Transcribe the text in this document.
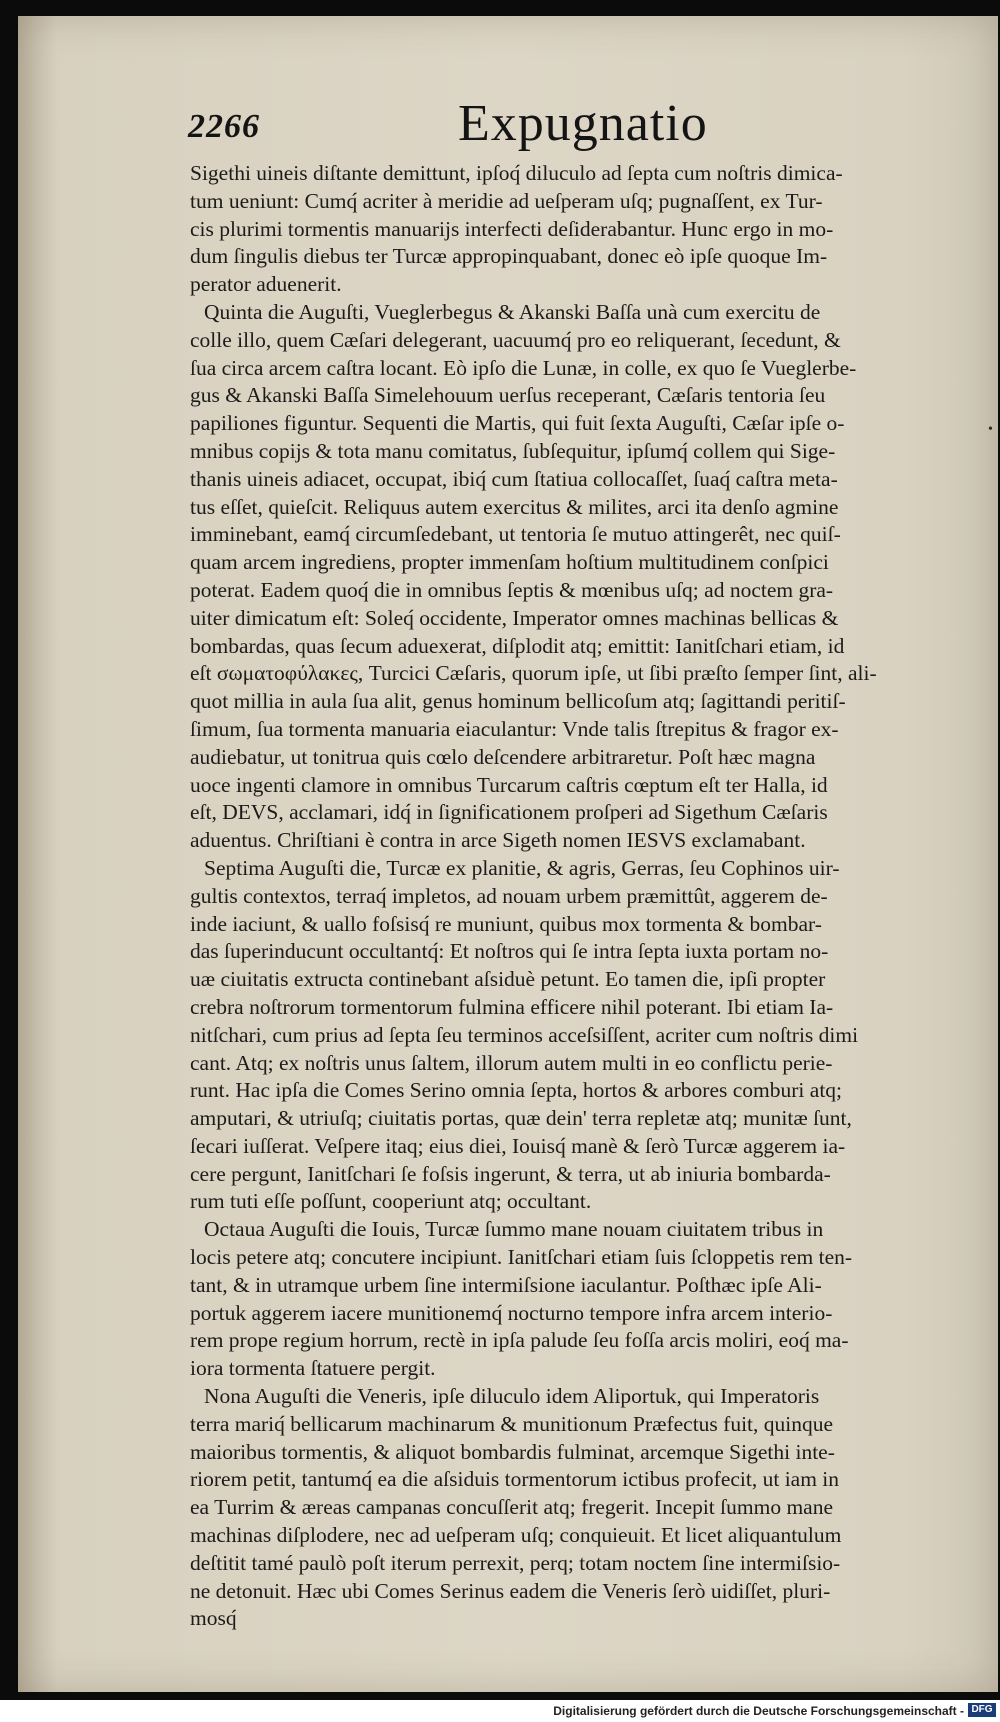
2266	Expugnatio
Sigethi uineis diſtante demittunt, ipſoq́ diluculo ad ſepta cum noſtris dimica-
tum ueniunt: Cumq́ acriter à meridie ad ueſperam uſq; pugnaſſent, ex Tur-
cis plurimi tormentis manuarijs interfecti deſiderabantur. Hunc ergo in mo-
dum ſingulis diebus ter Turcæ appropinquabant, donec eò ipſe quoque Im-
perator aduenerit.
Quinta die Auguſti, Vueglerbegus & Akanski Baſſa unà cum exercitu de
colle illo, quem Cæſari delegerant, uacuumq́ pro eo reliquerant, ſecedunt, &
ſua circa arcem caſtra locant. Eò ipſo die Lunæ, in colle, ex quo ſe Vueglerbe-
gus & Akanski Baſſa Simelehouum uerſus receperant, Cæſaris tentoria ſeu
papiliones figuntur. Sequenti die Martis, qui fuit ſexta Auguſti, Cæſar ipſe o-
mnibus copijs & tota manu comitatus, ſubſequitur, ipſumq́ collem qui Sige-
thanis uineis adiacet, occupat, ibiq́ cum ſtatiua collocaſſet, ſuaq́ caſtra meta-
tus eſſet, quieſcit. Reliquus autem exercitus & milites, arci ita denſo agmine
imminebant, eamq́ circumſedebant, ut tentoria ſe mutuo attingerêt, nec quiſ-
quam arcem ingrediens, propter immenſam hoſtium multitudinem conſpici
poterat. Eadem quoq́ die in omnibus ſeptis & mœnibus uſq; ad noctem gra-
uiter dimicatum eſt: Soleq́ occidente, Imperator omnes machinas bellicas &
bombardas, quas ſecum aduexerat, diſplodit atq; emittit: Ianitſchari etiam, id
eſt σωματοφύλακες, Turcici Cæſaris, quorum ipſe, ut ſibi præſto ſemper ſint, ali-
quot millia in aula ſua alit, genus hominum bellicoſum atq; ſagittandi peritiſ-
ſimum, ſua tormenta manuaria eiaculantur: Vnde talis ſtrepitus & fragor ex-
audiebatur, ut tonitrua quis cœlo deſcendere arbitraretur. Poſt hæc magna
uoce ingenti clamore in omnibus Turcarum caſtris cœptum eſt ter Halla, id
eſt, DEVS, acclamari, idq́ in ſignificationem proſperi ad Sigethum Cæſaris
aduentus. Chriſtiani è contra in arce Sigeth nomen IESVS exclamabant.
Septima Auguſti die, Turcæ ex planitie, & agris, Gerras, ſeu Cophinos uir-
gultis contextos, terraq́ impletos, ad nouam urbem præmittût, aggerem de-
inde iaciunt, & uallo foſsisq́ re muniunt, quibus mox tormenta & bombar-
das ſuperinducunt occultantq́: Et noſtros qui ſe intra ſepta iuxta portam no-
uæ ciuitatis extructa continebant aſsiduè petunt. Eo tamen die, ipſi propter
crebra noſtrorum tormentorum fulmina efficere nihil poterant. Ibi etiam Ia-
nitſchari, cum prius ad ſepta ſeu terminos acceſsiſſent, acriter cum noſtris dimi
cant. Atq; ex noſtris unus ſaltem, illorum autem multi in eo conflictu perie-
runt. Hac ipſa die Comes Serino omnia ſepta, hortos & arbores comburi atq;
amputari, & utriuſq; ciuitatis portas, quæ dein' terra repletæ atq; munitæ ſunt,
ſecari iuſſerat. Veſpere itaq; eius diei, Iouisq́ manè & ſerò Turcæ aggerem ia-
cere pergunt, Ianitſchari ſe foſsis ingerunt, & terra, ut ab iniuria bombarda-
rum tuti eſſe poſſunt, cooperiunt atq; occultant.
Octaua Auguſti die Iouis, Turcæ ſummo mane nouam ciuitatem tribus in
locis petere atq; concutere incipiunt. Ianitſchari etiam ſuis ſcloppetis rem ten-
tant, & in utramque urbem ſine intermiſsione iaculantur. Poſthæc ipſe Ali-
portuk aggerem iacere munitionemq́ nocturno tempore infra arcem interio-
rem prope regium horrum, rectè in ipſa palude ſeu foſſa arcis moliri, eoq́ ma-
iora tormenta ſtatuere pergit.
Nona Auguſti die Veneris, ipſe diluculo idem Aliportuk, qui Imperatoris
terra mariq́ bellicarum machinarum & munitionum Præfectus fuit, quinque
maioribus tormentis, & aliquot bombardis fulminat, arcemque Sigethi inte-
riorem petit, tantumq́ ea die aſsiduis tormentorum ictibus profecit, ut iam in
ea Turrim & æreas campanas concuſſerit atq; fregerit. Incepit ſummo mane
machinas diſplodere, nec ad ueſperam uſq; conquieuit. Et licet aliquantulum
deſtitit tamé paulò poſt iterum perrexit, perq; totam noctem ſine intermiſsio-
ne detonuit. Hæc ubi Comes Serinus eadem die Veneris ſerò uidiſſet, pluri-
mosq́
•
Digitalisierung gefördert durch die Deutsche Forschungsgemeinschaft - DFG
